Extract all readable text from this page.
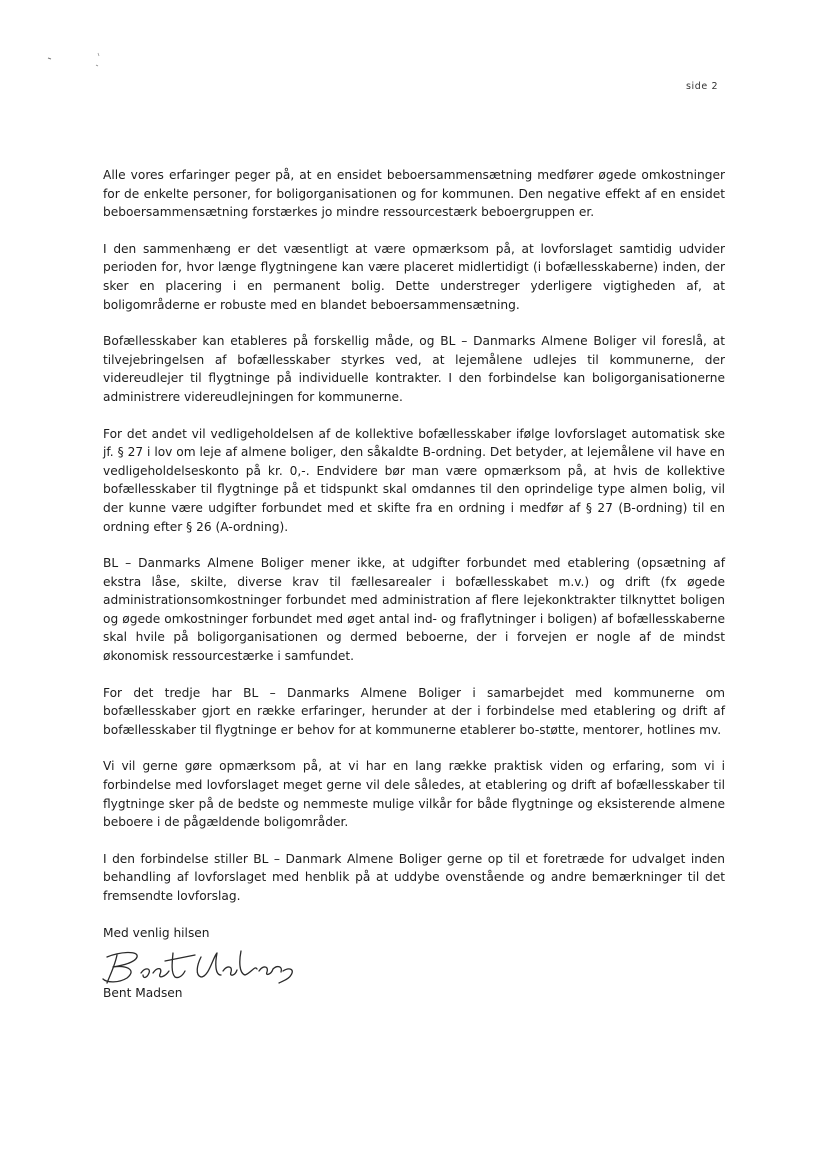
side 2

Alle vores erfaringer peger på, at en ensidet beboersammensætning medfører øgede omkostninger for de enkelte personer, for boligorganisationen og for kommunen. Den negative effekt af en ensidet beboersammensætning forstærkes jo mindre ressourcestærk beboergruppen er.

I den sammenhæng er det væsentligt at være opmærksom på, at lovforslaget samtidig udvider perioden for, hvor længe flygtningene kan være placeret midlertidigt (i bofællesskaberne) inden, der sker en placering i en permanent bolig. Dette understreger yderligere vigtigheden af, at boligområderne er robuste med en blandet beboersammensætning.

Bofællesskaber kan etableres på forskellig måde, og BL – Danmarks Almene Boliger vil foreslå, at tilvejebringelsen af bofællesskaber styrkes ved, at lejemålene udlejes til kommunerne, der videreudlejer til flygtninge på individuelle kontrakter. I den forbindelse kan boligorganisationerne administrere videreudlejningen for kommunerne.

For det andet vil vedligeholdelsen af de kollektive bofællesskaber ifølge lovforslaget automatisk ske jf. § 27 i lov om leje af almene boliger, den såkaldte B-ordning. Det betyder, at lejemålene vil have en vedligeholdelseskonto på kr. 0,-. Endvidere bør man være opmærksom på, at hvis de kollektive bofællesskaber til flygtninge på et tidspunkt skal omdannes til den oprindelige type almen bolig, vil der kunne være udgifter forbundet med et skifte fra en ordning i medfør af § 27 (B-ordning) til en ordning efter § 26 (A-ordning).

BL – Danmarks Almene Boliger mener ikke, at udgifter forbundet med etablering (opsætning af ekstra låse, skilte, diverse krav til fællesarealer i bofællesskabet m.v.) og drift (fx øgede administrationsomkostninger forbundet med administration af flere lejekonktrakter tilknyttet boligen og øgede omkostninger forbundet med øget antal ind- og fraflytninger i boligen) af bofællesskaberne skal hvile på boligorganisationen og dermed beboerne, der i forvejen er nogle af de mindst økonomisk ressourcestærke i samfundet.

For det tredje har BL – Danmarks Almene Boliger i samarbejdet med kommunerne om bofællesskaber gjort en række erfaringer, herunder at der i forbindelse med etablering og drift af bofællesskaber til flygtninge er behov for at kommunerne etablerer bo-støtte, mentorer, hotlines mv.

Vi vil gerne gøre opmærksom på, at vi har en lang række praktisk viden og erfaring, som vi i forbindelse med lovforslaget meget gerne vil dele således, at etablering og drift af bofællesskaber til flygtninge sker på de bedste og nemmeste mulige vilkår for både flygtninge og eksisterende almene beboere i de pågældende boligområder.

I den forbindelse stiller BL – Danmark Almene Boliger gerne op til et foretræde for udvalget inden behandling af lovforslaget med henblik på at uddybe ovenstående og andre bemærkninger til det fremsendte lovforslag.

Med venlig hilsen

Bent Madsen
